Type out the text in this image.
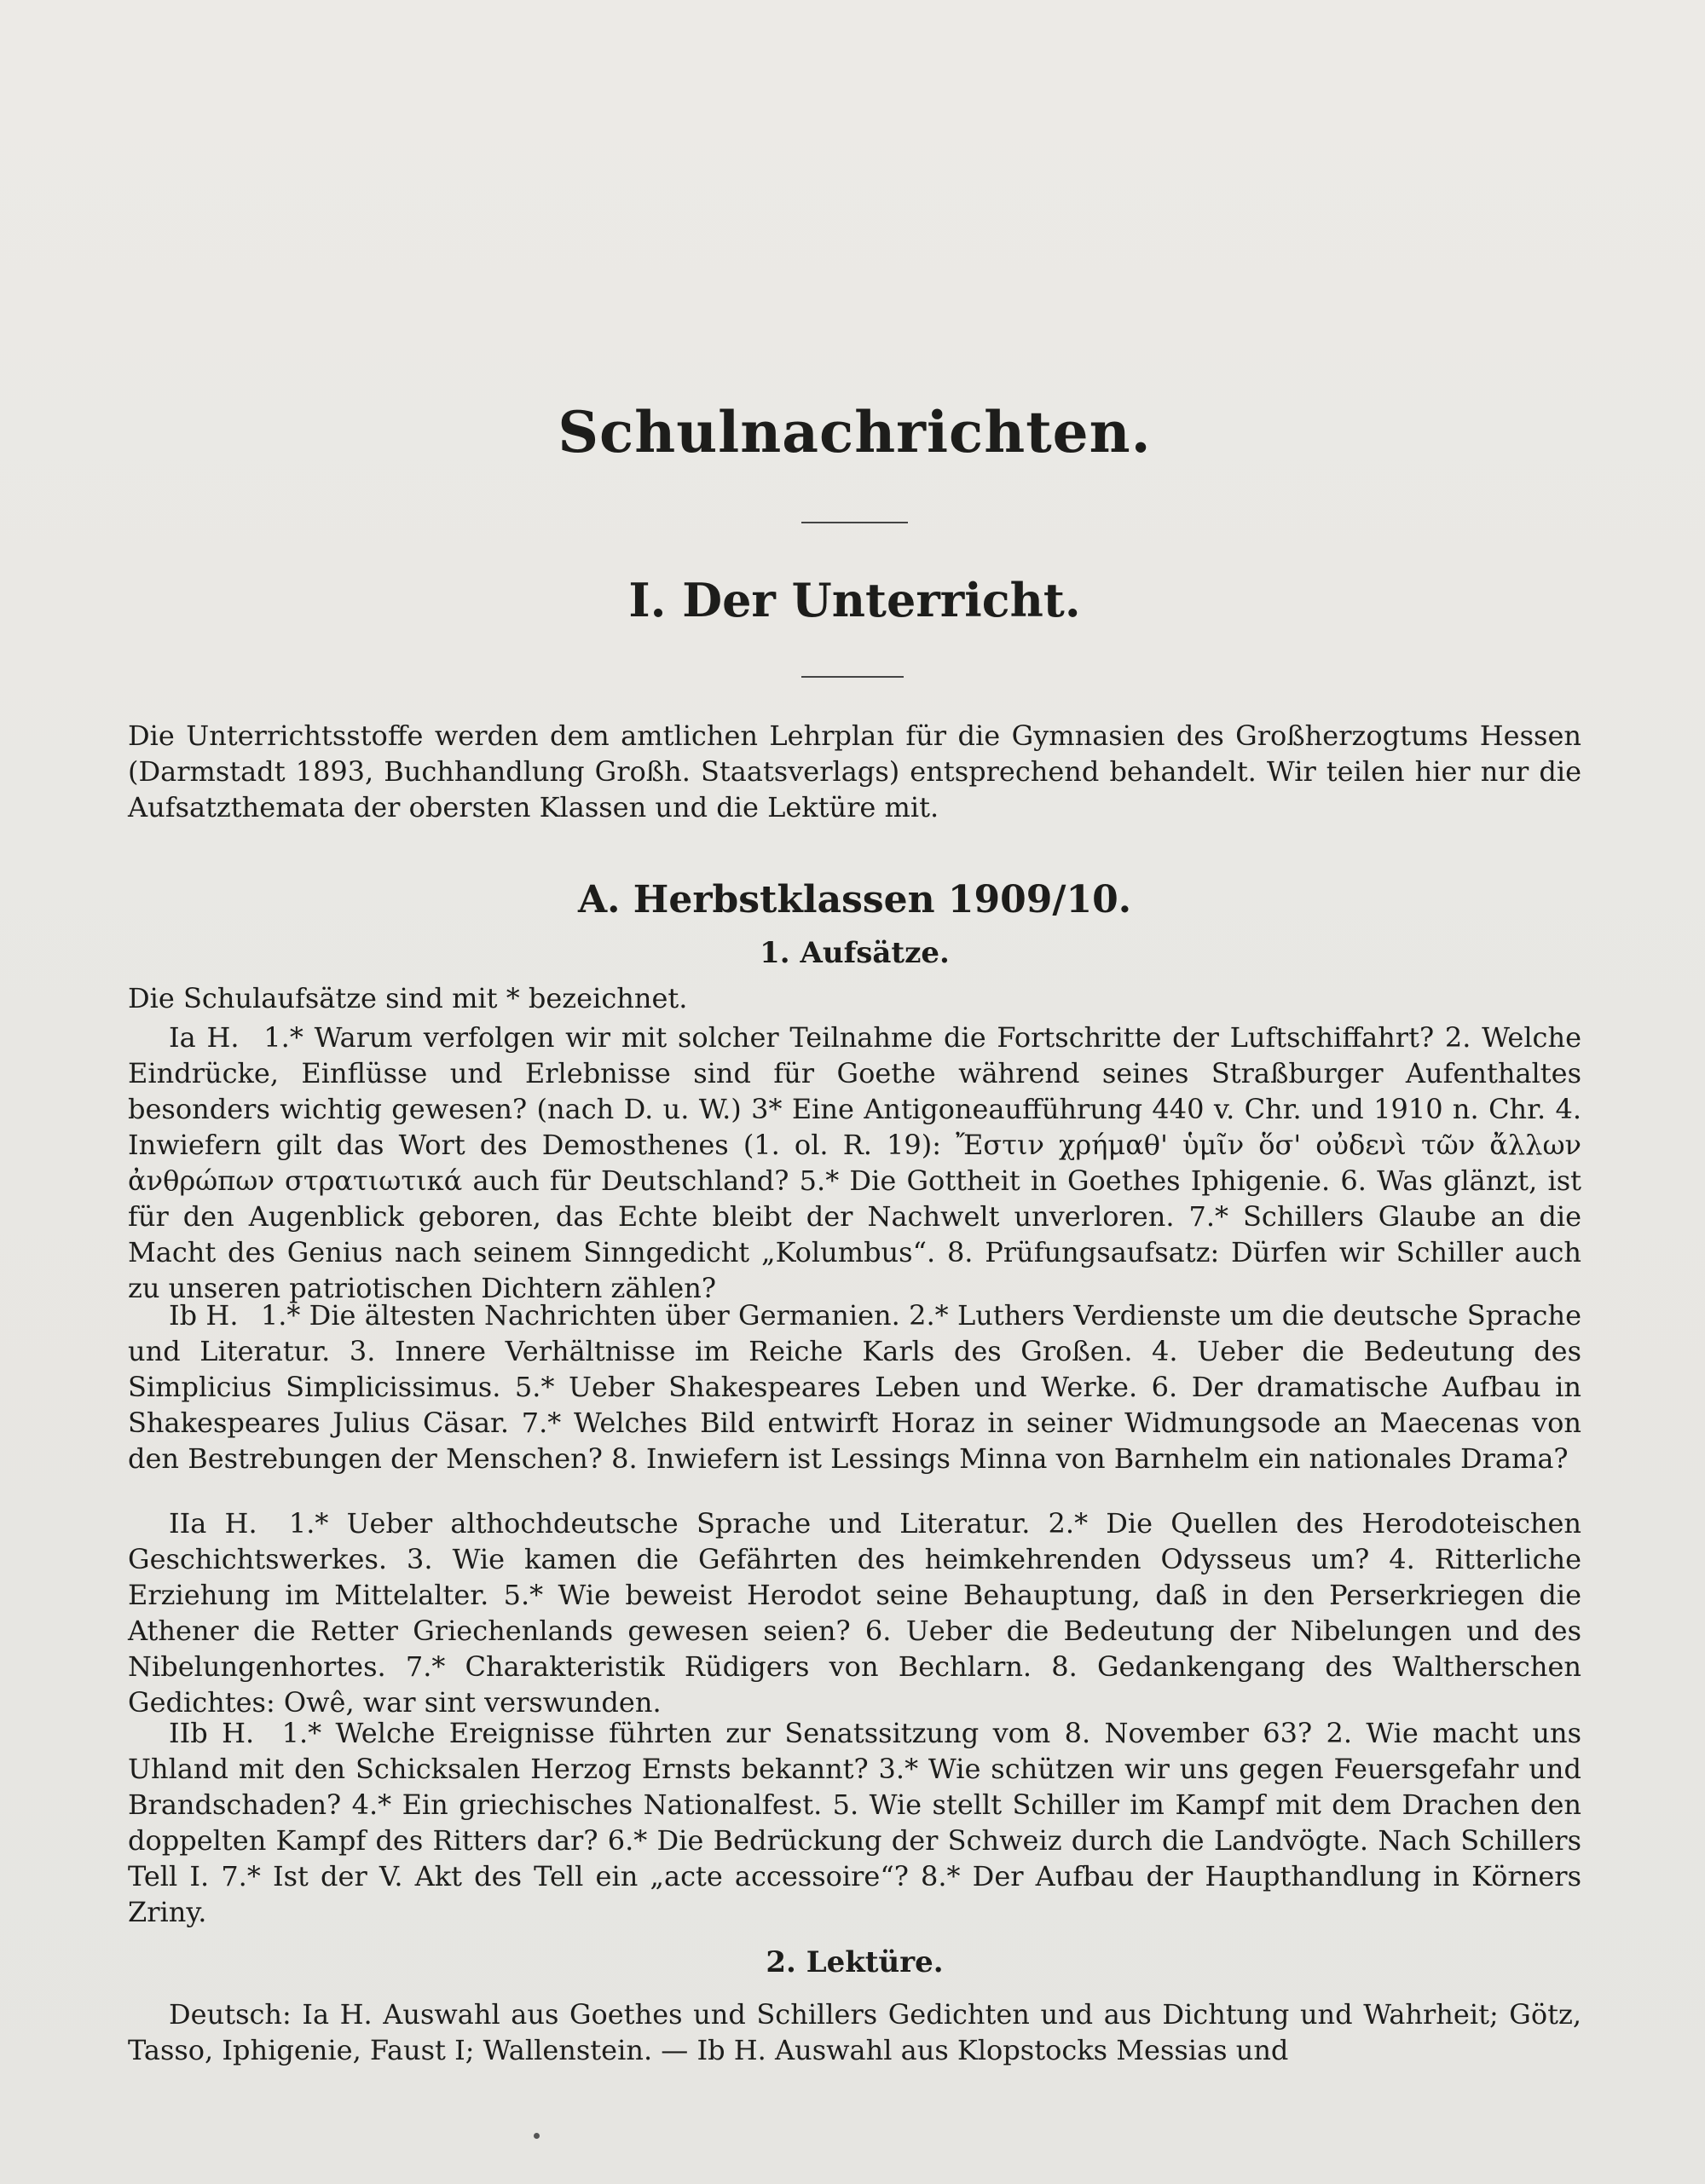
Schulnachrichten.
I. Der Unterricht.
Die Unterrichtsstoffe werden dem amtlichen Lehrplan für die Gymnasien des Großherzogtums Hessen (Darmstadt 1893, Buchhandlung Großh. Staatsverlags) entsprechend behandelt. Wir teilen hier nur die Aufsatzthemata der obersten Klassen und die Lektüre mit.
A. Herbstklassen 1909/10.
1. Aufsätze.
Die Schulaufsätze sind mit * bezeichnet.
  Ia H.  1.* Warum verfolgen wir mit solcher Teilnahme die Fortschritte der Luftschiffahrt? 2. Welche Eindrücke, Einflüsse und Erlebnisse sind für Goethe während seines Straßburger Aufenthaltes besonders wichtig gewesen? (nach D. u. W.) 3* Eine Antigoneaufführung 440 v. Chr. und 1910 n. Chr. 4. Inwiefern gilt das Wort des Demosthenes (1. ol. R. 19): Ἔστιν χρήμαθ' ὑμῖν ὅσ' οὐδενὶ τῶν ἄλλων ἀνθρώπων στρατιωτικά auch für Deutschland? 5.* Die Gottheit in Goethes Iphigenie. 6. Was glänzt, ist für den Augenblick geboren, das Echte bleibt der Nachwelt unverloren. 7.* Schillers Glaube an die Macht des Genius nach seinem Sinngedicht „Kolumbus“. 8. Prüfungsaufsatz: Dürfen wir Schiller auch zu unseren patriotischen Dichtern zählen?
  Ib H.  1.* Die ältesten Nachrichten über Germanien. 2.* Luthers Verdienste um die deutsche Sprache und Literatur. 3. Innere Verhältnisse im Reiche Karls des Großen. 4. Ueber die Bedeutung des Simplicius Simplicissimus. 5.* Ueber Shakespeares Leben und Werke. 6. Der dramatische Aufbau in Shakespeares Julius Cäsar. 7.* Welches Bild entwirft Horaz in seiner Widmungsode an Maecenas von den Bestrebungen der Menschen? 8. Inwiefern ist Lessings Minna von Barnhelm ein nationales Drama?
  IIa H.  1.* Ueber althochdeutsche Sprache und Literatur. 2.* Die Quellen des Herodoteischen Geschichtswerkes. 3. Wie kamen die Gefährten des heimkehrenden Odysseus um? 4. Ritterliche Erziehung im Mittelalter. 5.* Wie beweist Herodot seine Behauptung, daß in den Perserkriegen die Athener die Retter Griechenlands gewesen seien? 6. Ueber die Bedeutung der Nibelungen und des Nibelungenhortes. 7.* Charakteristik Rüdigers von Bechlarn. 8. Gedankengang des Waltherschen Gedichtes: Owê, war sint verswunden.
  IIb H.  1.* Welche Ereignisse führten zur Senatssitzung vom 8. November 63? 2. Wie macht uns Uhland mit den Schicksalen Herzog Ernsts bekannt? 3.* Wie schützen wir uns gegen Feuersgefahr und Brandschaden? 4.* Ein griechisches Nationalfest. 5. Wie stellt Schiller im Kampf mit dem Drachen den doppelten Kampf des Ritters dar? 6.* Die Bedrückung der Schweiz durch die Landvögte. Nach Schillers Tell I. 7.* Ist der V. Akt des Tell ein „acte accessoire“? 8.* Der Aufbau der Haupthandlung in Körners Zriny.
2. Lektüre.
  Deutsch: Ia H. Auswahl aus Goethes und Schillers Gedichten und aus Dichtung und Wahrheit; Götz, Tasso, Iphigenie, Faust I; Wallenstein. — Ib H. Auswahl aus Klopstocks Messias und
